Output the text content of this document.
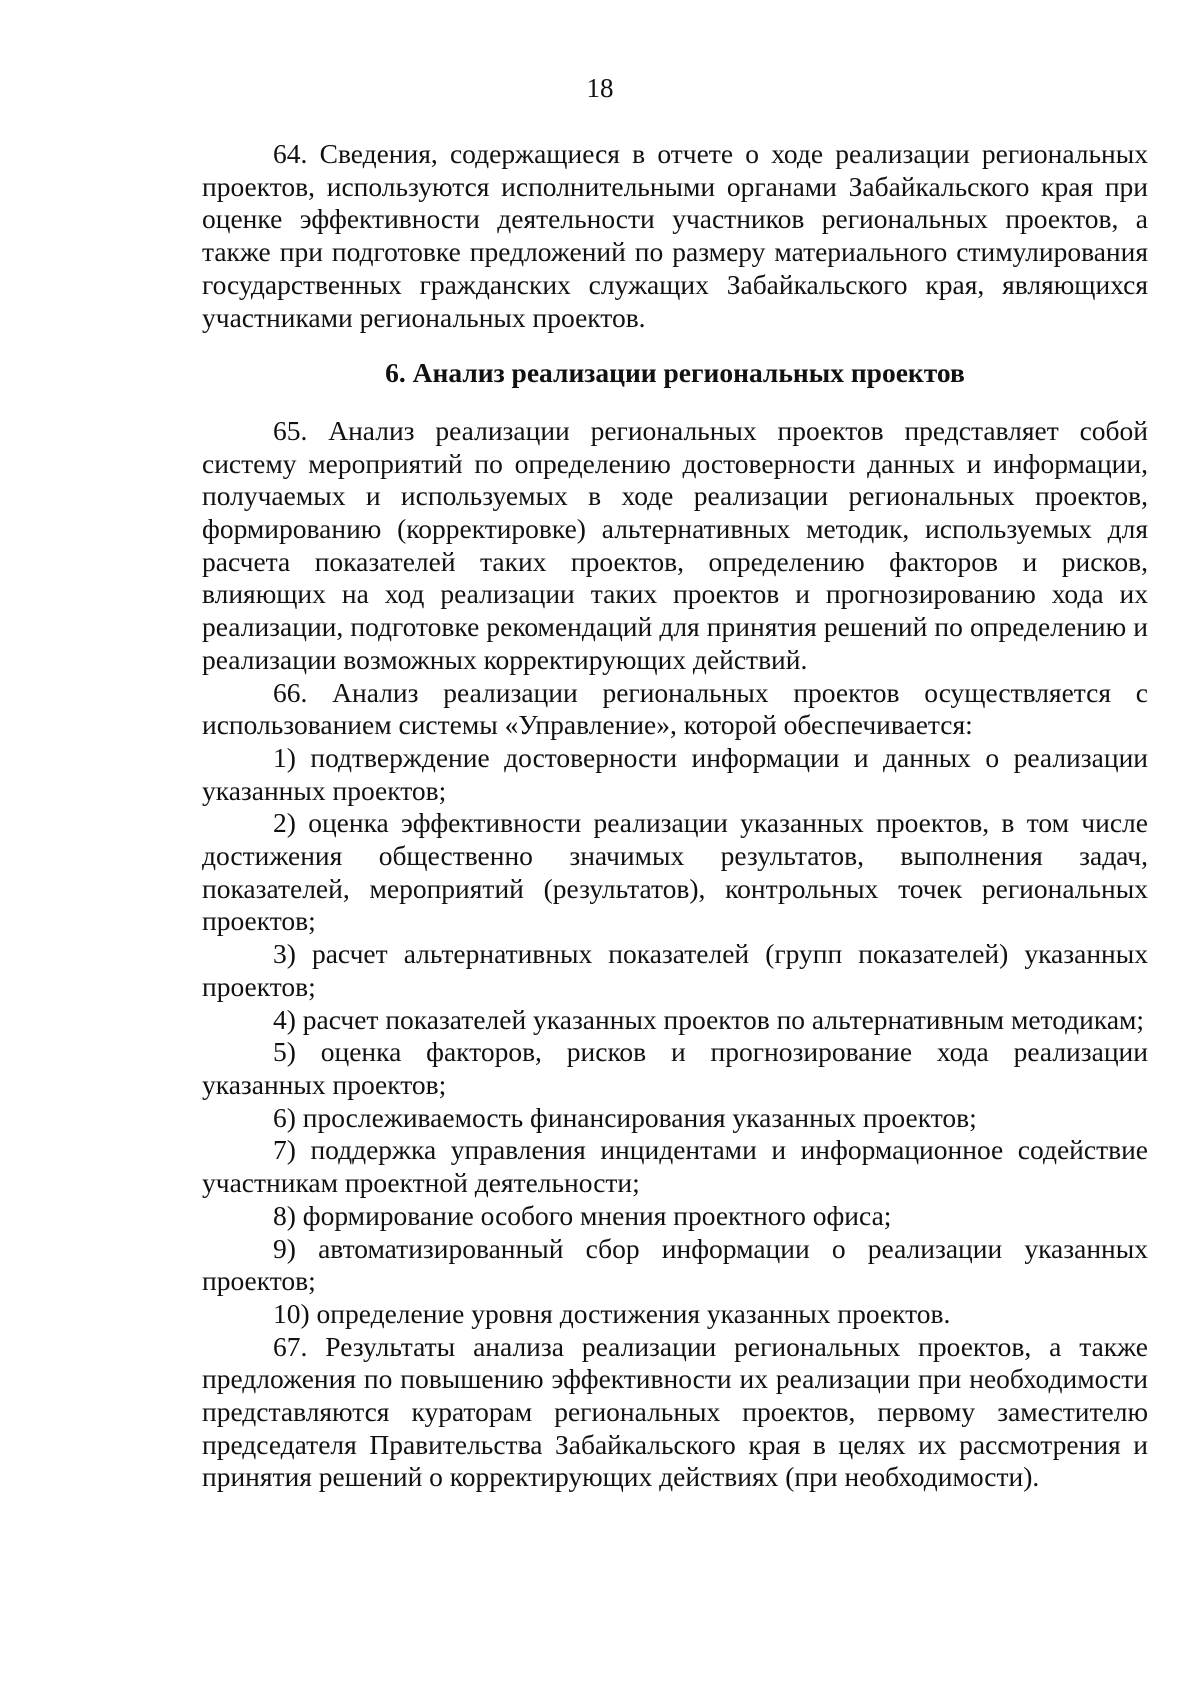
18

64. Сведения, содержащиеся в отчете о ходе реализации региональных проектов, используются исполнительными органами Забайкальского края при оценке эффективности деятельности участников региональных проектов, а также при подготовке предложений по размеру материального стимулирования государственных гражданских служащих Забайкальского края, являющихся участниками региональных проектов.

6. Анализ реализации региональных проектов

65. Анализ реализации региональных проектов представляет собой систему мероприятий по определению достоверности данных и информации, получаемых и используемых в ходе реализации региональных проектов, формированию (корректировке) альтернативных методик, используемых для расчета показателей таких проектов, определению факторов и рисков, влияющих на ход реализации таких проектов и прогнозированию хода их реализации, подготовке рекомендаций для принятия решений по определению и реализации возможных корректирующих действий.

66. Анализ реализации региональных проектов осуществляется с использованием системы «Управление», которой обеспечивается:

1) подтверждение достоверности информации и данных о реализации указанных проектов;

2) оценка эффективности реализации указанных проектов, в том числе достижения общественно значимых результатов, выполнения задач, показателей, мероприятий (результатов), контрольных точек региональных проектов;

3) расчет альтернативных показателей (групп показателей) указанных проектов;

4) расчет показателей указанных проектов по альтернативным методикам;

5) оценка факторов, рисков и прогнозирование хода реализации указанных проектов;

6) прослеживаемость финансирования указанных проектов;

7) поддержка управления инцидентами и информационное содействие участникам проектной деятельности;

8) формирование особого мнения проектного офиса;

9) автоматизированный сбор информации о реализации указанных проектов;

10) определение уровня достижения указанных проектов.

67. Результаты анализа реализации региональных проектов, а также предложения по повышению эффективности их реализации при необходимости представляются кураторам региональных проектов, первому заместителю председателя Правительства Забайкальского края в целях их рассмотрения и принятия решений о корректирующих действиях (при необходимости).
